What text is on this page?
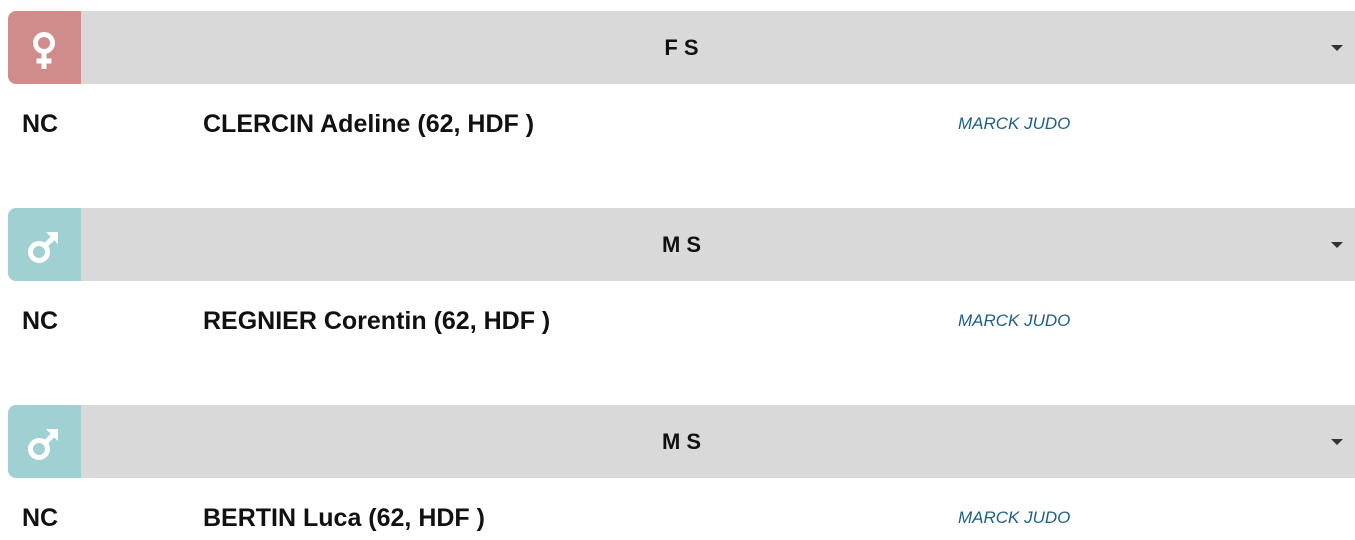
F S
NC	CLERCIN Adeline (62, HDF )	MARCK JUDO
M S
NC	REGNIER Corentin (62, HDF )	MARCK JUDO
M S
NC	BERTIN Luca (62, HDF )	MARCK JUDO
